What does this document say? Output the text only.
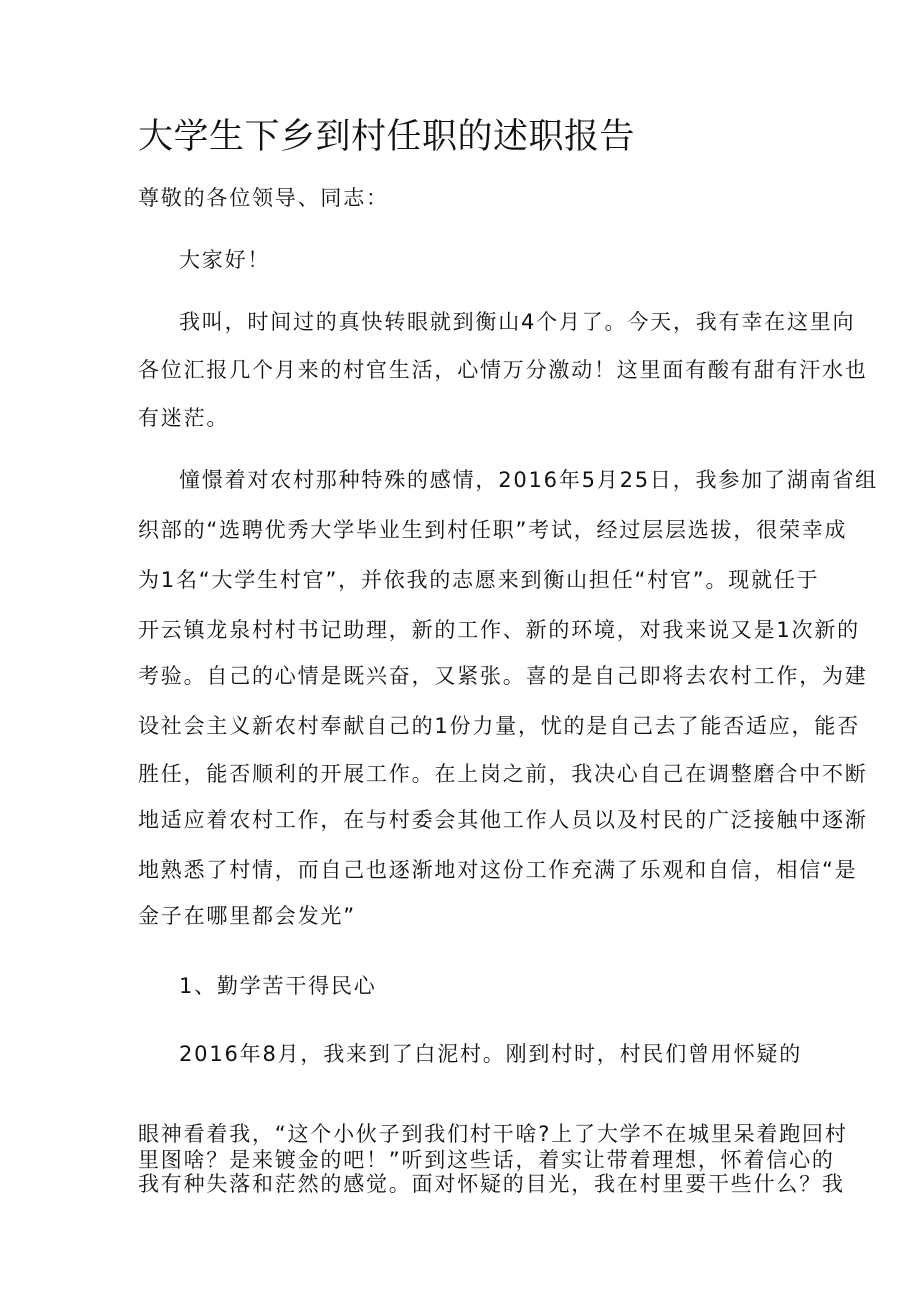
大学生下乡到村任职的述职报告
尊敬的各位领导、同志：
大家好！
我叫，时间过的真快转眼就到衡山4个月了。今天，我有幸在这里向
各位汇报几个月来的村官生活，心情万分激动！这里面有酸有甜有汗水也
有迷茫。
憧憬着对农村那种特殊的感情，2016年5月25日，我参加了湖南省组
织部的“选聘优秀大学毕业生到村任职”考试，经过层层选拔，很荣幸成
为1名“大学生村官”，并依我的志愿来到衡山担任“村官”。现就任于
开云镇龙泉村村书记助理，新的工作、新的环境，对我来说又是1次新的
考验。自己的心情是既兴奋，又紧张。喜的是自己即将去农村工作，为建
设社会主义新农村奉献自己的1份力量，忧的是自己去了能否适应，能否
胜任，能否顺利的开展工作。在上岗之前，我决心自己在调整磨合中不断
地适应着农村工作，在与村委会其他工作人员以及村民的广泛接触中逐渐
地熟悉了村情，而自己也逐渐地对这份工作充满了乐观和自信，相信“是
金子在哪里都会发光”
1、勤学苦干得民心
2016年8月，我来到了白泥村。刚到村时，村民们曾用怀疑的
眼神看着我，“这个小伙子到我们村干啥?上了大学不在城里呆着跑回村
里图啥？是来镀金的吧！”听到这些话，着实让带着理想，怀着信心的
我有种失落和茫然的感觉。面对怀疑的目光，我在村里要干些什么？我
